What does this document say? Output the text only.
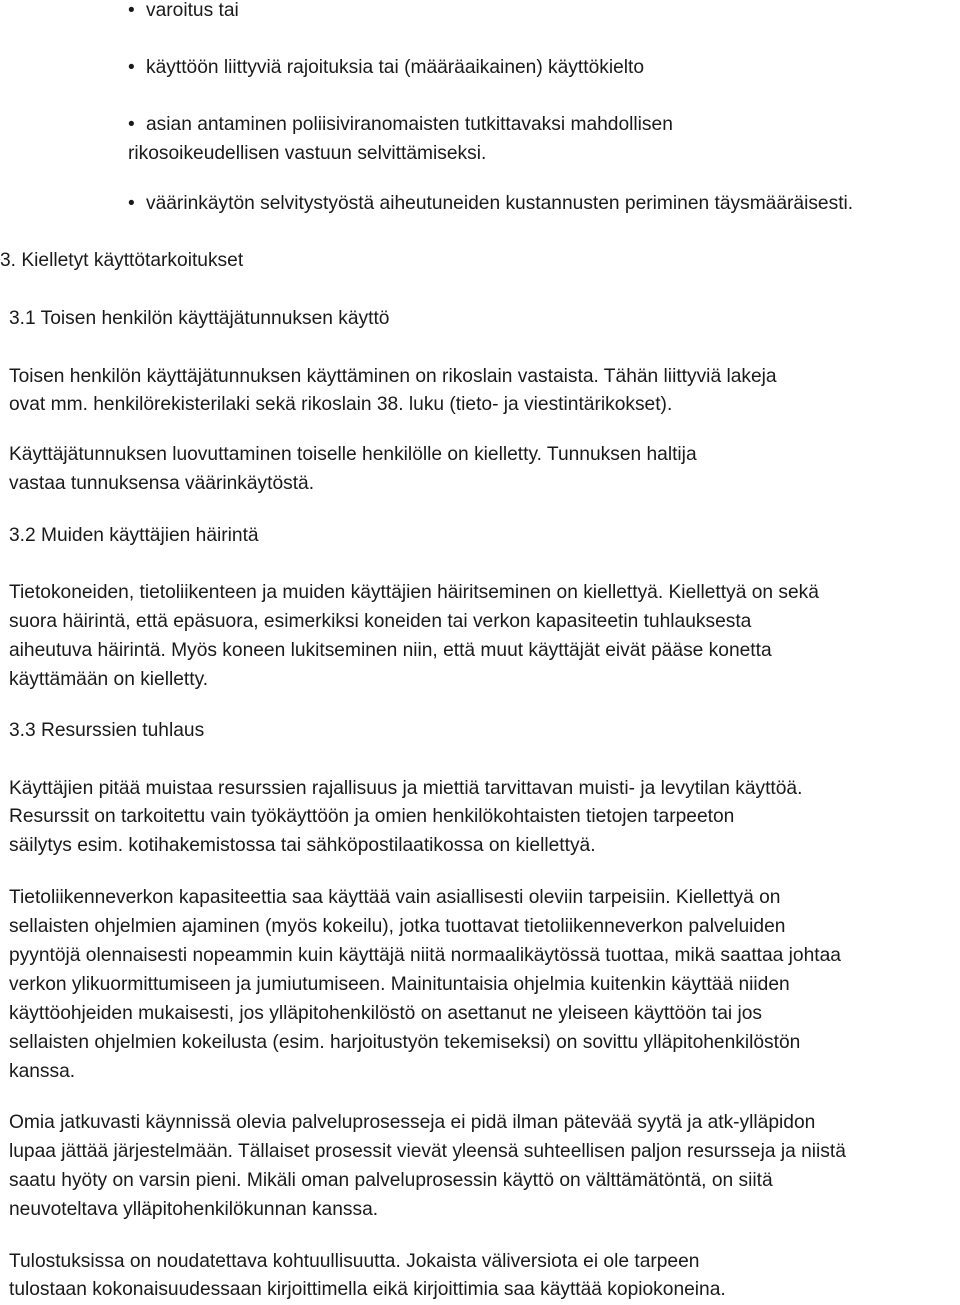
• varoitus tai
• käyttöön liittyviä rajoituksia tai (määräaikainen) käyttökielto
• asian antaminen poliisiviranomaisten tutkittavaksi mahdollisen
rikosoikeudellisen vastuun selvittämiseksi.
• väärinkäytön selvitystyöstä aiheutuneiden kustannusten periminen täysmääräisesti.
3. Kielletyt käyttötarkoitukset
3.1 Toisen henkilön käyttäjätunnuksen käyttö
Toisen henkilön käyttäjätunnuksen käyttäminen on rikoslain vastaista. Tähän liittyviä lakeja
ovat mm. henkilörekisterilaki sekä rikoslain 38. luku (tieto- ja viestintärikokset).
Käyttäjätunnuksen luovuttaminen toiselle henkilölle on kielletty. Tunnuksen haltija
vastaa tunnuksensa väärinkäytöstä.
3.2 Muiden käyttäjien häirintä
Tietokoneiden, tietoliikenteen ja muiden käyttäjien häiritseminen on kiellettyä. Kiellettyä on sekä
suora häirintä, että epäsuora, esimerkiksi koneiden tai verkon kapasiteetin tuhlauksesta
aiheutuva häirintä. Myös koneen lukitseminen niin, että muut käyttäjät eivät pääse konetta
käyttämään on kielletty.
3.3 Resurssien tuhlaus
Käyttäjien pitää muistaa resurssien rajallisuus ja miettiä tarvittavan muisti- ja levytilan käyttöä.
Resurssit on tarkoitettu vain työkäyttöön ja omien henkilökohtaisten tietojen tarpeeton
säilytys esim. kotihakemistossa tai sähköpostilaatikossa on kiellettyä.
Tietoliikenneverkon kapasiteettia saa käyttää vain asiallisesti oleviin tarpeisiin. Kiellettyä on
sellaisten ohjelmien ajaminen (myös kokeilu), jotka tuottavat tietoliikenneverkon palveluiden
pyyntöjä olennaisesti nopeammin kuin käyttäjä niitä normaalikäytössä tuottaa, mikä saattaa johtaa
verkon ylikuormittumiseen ja jumiutumiseen. Mainituntaisia ohjelmia kuitenkin käyttää niiden
käyttöohjeiden mukaisesti, jos ylläpitohenkilöstö on asettanut ne yleiseen käyttöön tai jos
sellaisten ohjelmien kokeilusta (esim. harjoitustyön tekemiseksi) on sovittu ylläpitohenkilöstön
kanssa.
Omia jatkuvasti käynnissä olevia palveluprosesseja ei pidä ilman pätevää syytä ja atk-ylläpidon
lupaa jättää järjestelmään. Tällaiset prosessit vievät yleensä suhteellisen paljon resursseja ja niistä
saatu hyöty on varsin pieni. Mikäli oman palveluprosessin käyttö on välttämätöntä, on siitä
neuvoteltava ylläpitohenkilökunnan kanssa.
Tulostuksissa on noudatettava kohtuullisuutta. Jokaista väliversiota ei ole tarpeen
tulostaan kokonaisuudessaan kirjoittimella eikä kirjoittimia saa käyttää kopiokoneina.
